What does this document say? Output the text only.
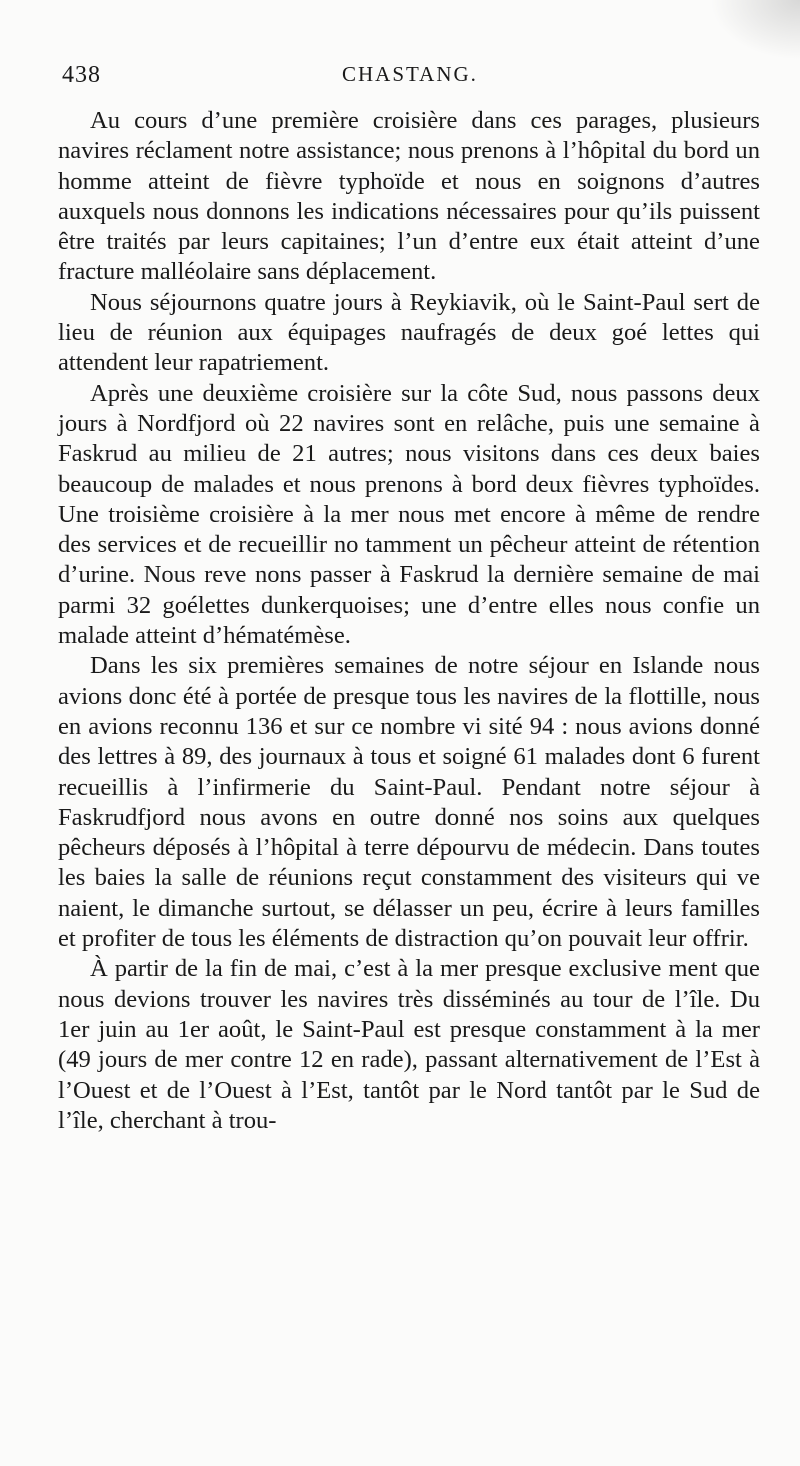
438	CHASTANG.

Au cours d’une première croisière dans ces parages, plusieurs navires réclament notre assistance; nous prenons à l’hôpital du bord un homme atteint de fièvre typhoïde et nous en soignons d’autres auxquels nous donnons les indications nécessaires pour qu’ils puissent être traités par leurs capitaines; l’un d’entre eux était atteint d’une fracture malléolaire sans déplacement.

Nous séjournons quatre jours à Reykiavik, où le Saint-Paul sert de lieu de réunion aux équipages naufragés de deux goé lettes qui attendent leur rapatriement.

Après une deuxième croisière sur la côte Sud, nous passons deux jours à Nordfjord où 22 navires sont en relâche, puis une semaine à Faskrud au milieu de 21 autres; nous visitons dans ces deux baies beaucoup de malades et nous prenons à bord deux fièvres typhoïdes. Une troisième croisière à la mer nous met encore à même de rendre des services et de recueillir no tamment un pêcheur atteint de rétention d’urine. Nous reve nons passer à Faskrud la dernière semaine de mai parmi 32 goélettes dunkerquoises; une d’entre elles nous confie un malade atteint d’hématémèse.

Dans les six premières semaines de notre séjour en Islande nous avions donc été à portée de presque tous les navires de la flottille, nous en avions reconnu 136 et sur ce nombre vi sité 94 : nous avions donné des lettres à 89, des journaux à tous et soigné 61 malades dont 6 furent recueillis à l’infirmerie du Saint-Paul. Pendant notre séjour à Faskrudfjord nous avons en outre donné nos soins aux quelques pêcheurs déposés à l’hôpital à terre dépourvu de médecin. Dans toutes les baies la salle de réunions reçut constamment des visiteurs qui ve naient, le dimanche surtout, se délasser un peu, écrire à leurs familles et profiter de tous les éléments de distraction qu’on pouvait leur offrir.

À partir de la fin de mai, c’est à la mer presque exclusive ment que nous devions trouver les navires très disséminés au tour de l’île. Du 1er juin au 1er août, le Saint-Paul est presque constamment à la mer (49 jours de mer contre 12 en rade), passant alternativement de l’Est à l’Ouest et de l’Ouest à l’Est, tantôt par le Nord tantôt par le Sud de l’île, cherchant à trou-
